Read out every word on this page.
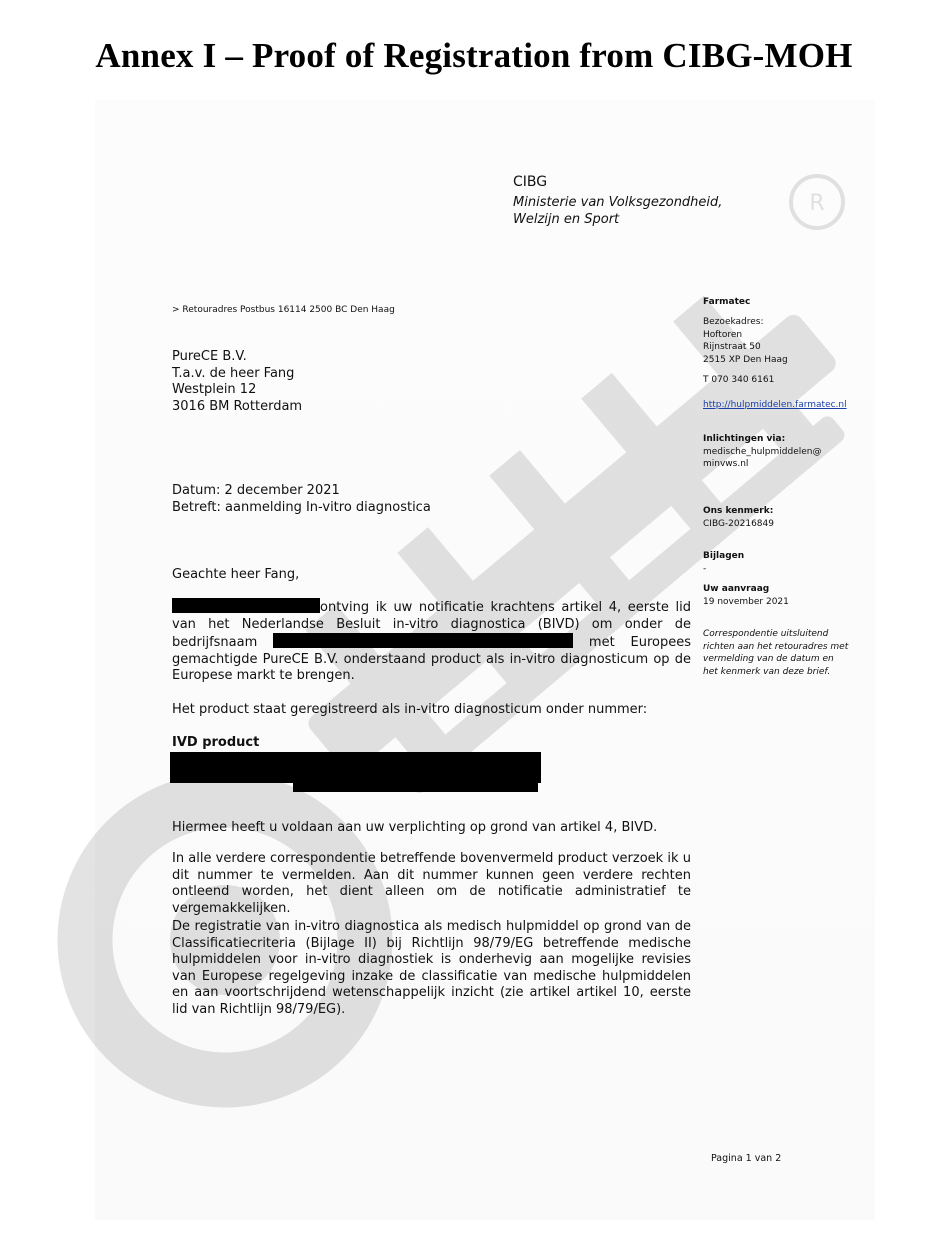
Annex I – Proof of Registration from CIBG-MOH
CIBG
Ministerie van Volksgezondheid,
Welzijn en Sport
> Retouradres Postbus 16114 2500 BC Den Haag
PureCE B.V.
T.a.v. de heer Fang
Westplein 12
3016 BM Rotterdam
Datum: 2 december 2021
Betreft: aanmelding In-vitro diagnostica
Geachte heer Fang,
ontving ik uw notificatie krachtens artikel 4, eerste lid van het Nederlandse Besluit in-vitro diagnostica (BIVD) om onder de bedrijfsnaam	met Europees gemachtigde PureCE B.V. onderstaand product als in-vitro diagnosticum op de Europese markt te brengen.
Het product staat geregistreerd als in-vitro diagnosticum onder nummer:
IVD product
Hiermee heeft u voldaan aan uw verplichting op grond van artikel 4, BIVD.
In alle verdere correspondentie betreffende bovenvermeld product verzoek ik u dit nummer te vermelden. Aan dit nummer kunnen geen verdere rechten ontleend worden, het dient alleen om de notificatie administratief te vergemakkelijken.
De registratie van in-vitro diagnostica als medisch hulpmiddel op grond van de Classificatiecriteria (Bijlage II) bij Richtlijn 98/79/EG betreffende medische hulpmiddelen voor in-vitro diagnostiek is onderhevig aan mogelijke revisies van Europese regelgeving inzake de classificatie van medische hulpmiddelen en aan voortschrijdend wetenschappelijk inzicht (zie artikel artikel 10, eerste lid van Richtlijn 98/79/EG).
Farmatec
Bezoekadres:
Hoftoren
Rijnstraat 50
2515 XP Den Haag
T 070 340 6161
http://hulpmiddelen.farmatec.nl
Inlichtingen via:
medische_hulpmiddelen@
minvws.nl
Ons kenmerk:
CIBG-20216849
Bijlagen
-
Uw aanvraag
19 november 2021
Correspondentie uitsluitend
richten aan het retouradres met
vermelding van de datum en
het kenmerk van deze brief.
Pagina 1 van 2
